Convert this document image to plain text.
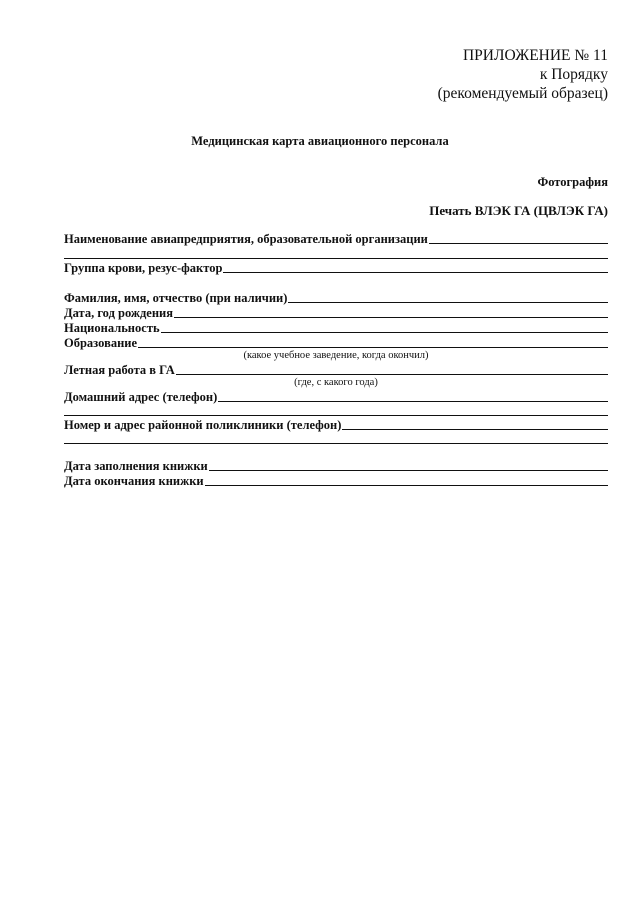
ПРИЛОЖЕНИЕ № 11
к Порядку
(рекомендуемый образец)
Медицинская карта авиационного персонала
Фотография
Печать ВЛЭК ГА (ЦВЛЭК ГА)
Наименование авиапредприятия, образовательной организации
Группа крови, резус-фактор
Фамилия, имя, отчество (при наличии)
Дата, год рождения
Национальность
Образование
(какое учебное заведение, когда окончил)
Летная работа в ГА
(где, с какого года)
Домашний адрес (телефон)
Номер и адрес районной поликлиники (телефон)
Дата заполнения книжки
Дата окончания книжки
